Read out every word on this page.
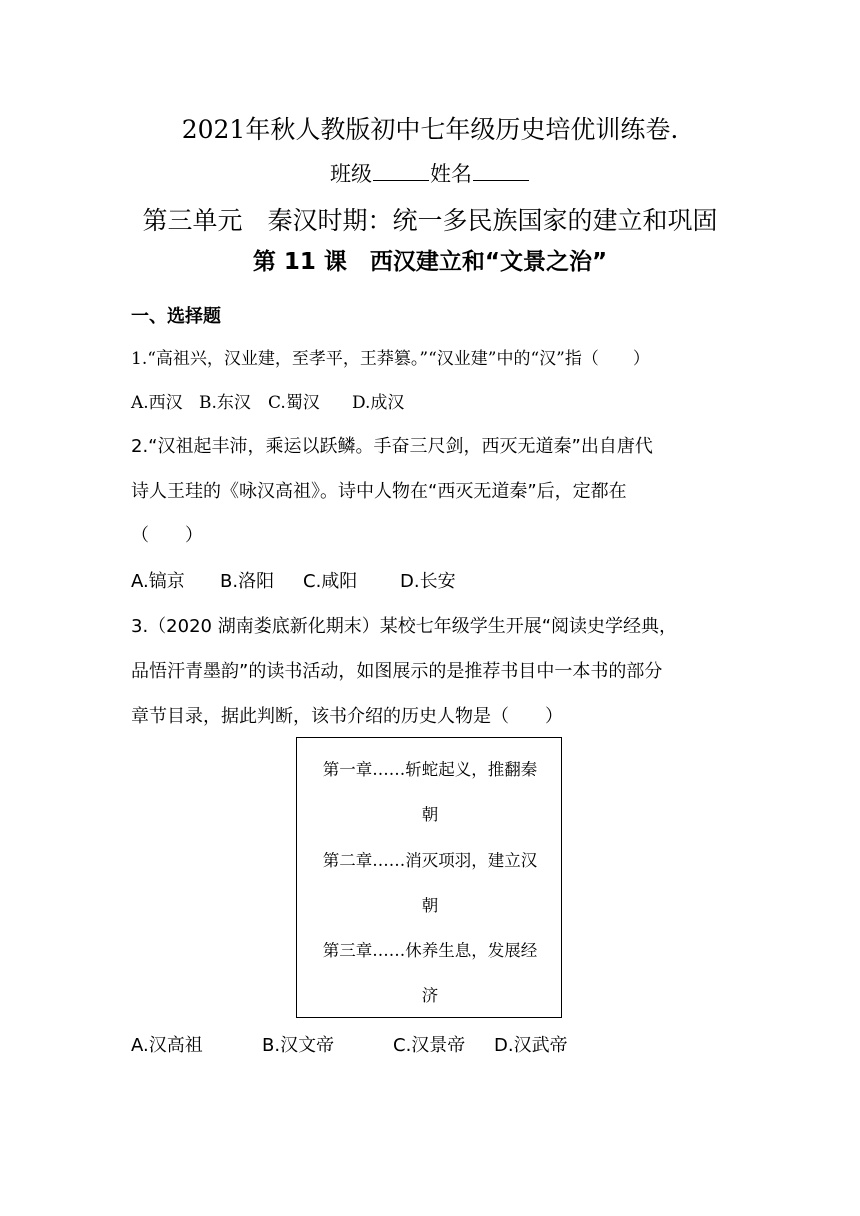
2021年秋人教版初中七年级历史培优训练卷.
班级	姓名
第三单元　秦汉时期：统一多民族国家的建立和巩固
第 11 课　西汉建立和“文景之治”
一、选择题
1.“高祖兴，汉业建，至孝平，王莽篡。”“汉业建”中的“汉”指（　　）
A.西汉 B.东汉 C.蜀汉 D.成汉
2.“汉祖起丰沛，乘运以跃鳞。手奋三尺剑，西灭无道秦”出自唐代
诗人王珪的《咏汉高祖》。诗中人物在“西灭无道秦”后，定都在
（　　）
A.镐京 B.洛阳 C.咸阳 D.长安
3.（2020 湖南娄底新化期末）某校七年级学生开展“阅读史学经典，
品悟汗青墨韵”的读书活动，如图展示的是推荐书目中一本书的部分
章节目录，据此判断，该书介绍的历史人物是（　　）
第一章……斩蛇起义，推翻秦
朝
第二章……消灭项羽，建立汉
朝
第三章……休养生息，发展经
济
A.汉高祖	B.汉文帝	C.汉景帝 D.汉武帝
